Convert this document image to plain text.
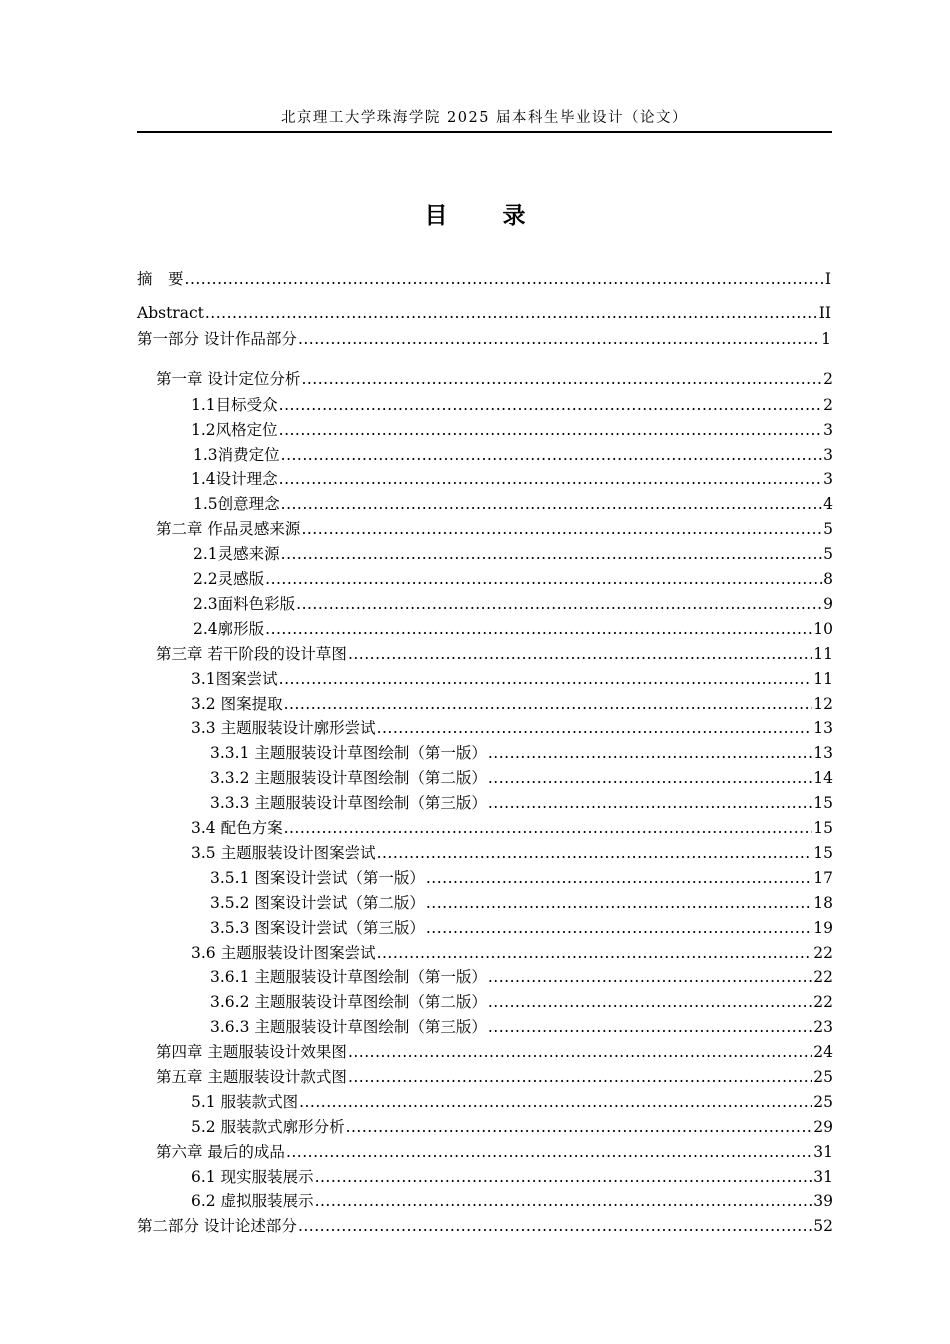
北京理工大学珠海学院 2025 届本科生毕业设计（论文）
目　录
摘　要 .....	I
Abstract .....	II
第一部分 设计作品部分 .....	1
第一章 设计定位分析 .....	2
1.1目标受众 .....	2
1.2风格定位 .....	3
1.3消费定位 .....	3
1.4设计理念 .....	3
1.5创意理念 .....	4
第二章 作品灵感来源 .....	5
2.1灵感来源 .....	5
2.2灵感版 .....	8
2.3面料色彩版 .....	9
2.4廓形版 .....	10
第三章 若干阶段的设计草图 .....	11
3.1图案尝试 .....	11
3.2 图案提取 .....	12
3.3 主题服装设计廓形尝试 .....	13
3.3.1 主题服装设计草图绘制（第一版） .....	13
3.3.2 主题服装设计草图绘制（第二版） .....	14
3.3.3 主题服装设计草图绘制（第三版） .....	15
3.4 配色方案 .....	15
3.5 主题服装设计图案尝试 .....	15
3.5.1 图案设计尝试（第一版） .....	17
3.5.2 图案设计尝试（第二版） .....	18
3.5.3 图案设计尝试（第三版） .....	19
3.6 主题服装设计图案尝试 .....	22
3.6.1 主题服装设计草图绘制（第一版） .....	22
3.6.2 主题服装设计草图绘制（第二版） .....	22
3.6.3 主题服装设计草图绘制（第三版） .....	23
第四章 主题服装设计效果图 .....	24
第五章 主题服装设计款式图 .....	25
5.1 服装款式图 .....	25
5.2 服装款式廓形分析 .....	29
第六章 最后的成品 .....	31
6.1 现实服装展示 .....	31
6.2 虚拟服装展示 .....	39
第二部分 设计论述部分 .....	52
